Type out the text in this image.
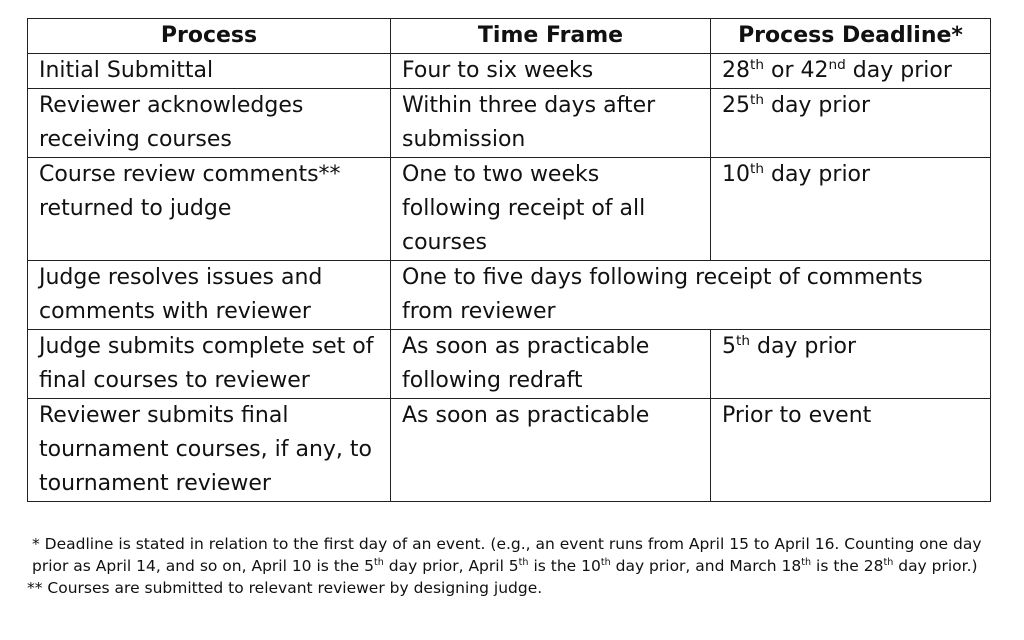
Process	Time Frame	Process Deadline*
Initial Submittal	Four to six weeks	28th or 42nd day prior
Reviewer acknowledges receiving courses	Within three days after submission	25th day prior
Course review comments** returned to judge	One to two weeks following receipt of all courses	10th day prior
Judge resolves issues and comments with reviewer	One to five days following receipt of comments from reviewer	
Judge submits complete set of final courses to reviewer	As soon as practicable following redraft	5th day prior
Reviewer submits final tournament courses, if any, to tournament reviewer	As soon as practicable	Prior to event

* Deadline is stated in relation to the first day of an event. (e.g., an event runs from April 15 to April 16. Counting one day prior as April 14, and so on, April 10 is the 5th day prior, April 5th is the 10th day prior, and March 18th is the 28th day prior.)

** Courses are submitted to relevant reviewer by designing judge.
